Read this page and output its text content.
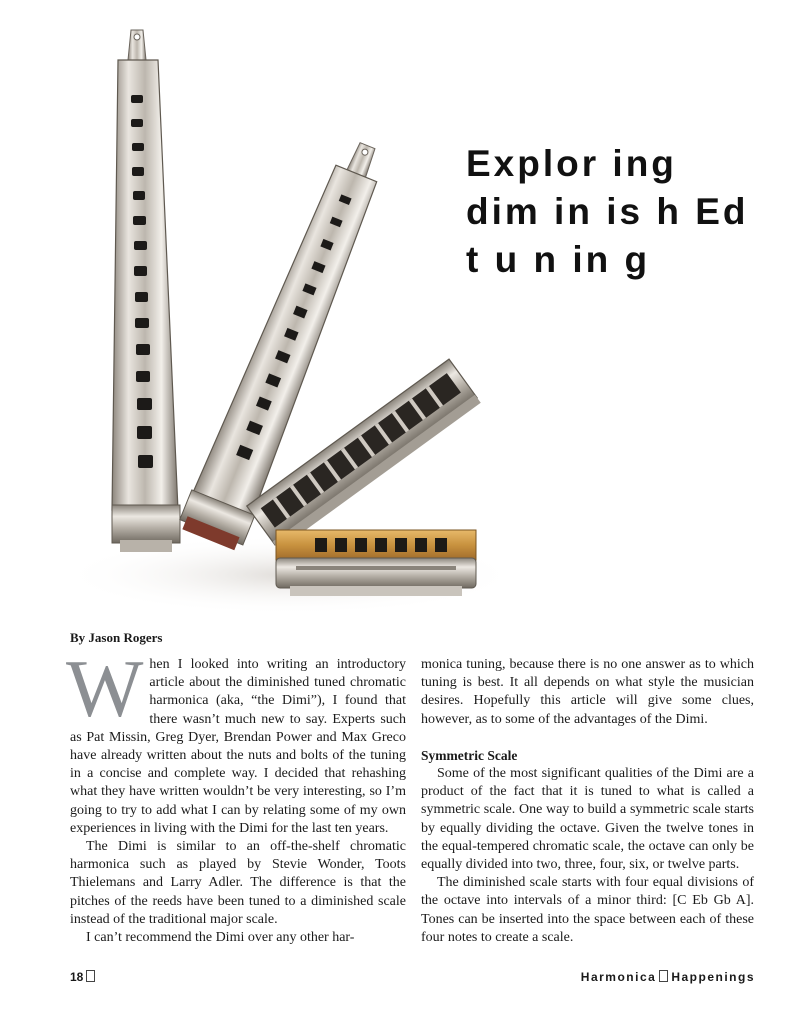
Explor ing
dim in is h Ed
t u n in g

By Jason Rogers

When I looked into writing an introductory article about the diminished tuned chromatic harmonica (aka, “the Dimi”), I found that there wasn’t much new to say. Experts such as Pat Missin, Greg Dyer, Brendan Power and Max Greco have already written about the nuts and bolts of the tuning in a concise and complete way. I decided that rehashing what they have written wouldn’t be very interesting, so I’m going to try to add what I can by relating some of my own experiences in living with the Dimi for the last ten years.

The Dimi is similar to an off-the-shelf chromatic harmonica such as played by Stevie Wonder, Toots Thielemans and Larry Adler. The difference is that the pitches of the reeds have been tuned to a diminished scale instead of the traditional major scale.

I can’t recommend the Dimi over any other har-

monica tuning, because there is no one answer as to which tuning is best. It all depends on what style the musician desires. Hopefully this article will give some clues, however, as to some of the advantages of the Dimi.

Symmetric Scale

Some of the most significant qualities of the Dimi are a product of the fact that it is tuned to what is called a symmetric scale. One way to build a symmetric scale starts by equally dividing the octave. Given the twelve tones in the equal-tempered chromatic scale, the octave can only be equally divided into two, three, four, six, or twelve parts.

The diminished scale starts with four equal divisions of the octave into intervals of a minor third: [C Eb Gb A]. Tones can be inserted into the space between each of these four notes to create a scale.

18	Harmonica Happenings
